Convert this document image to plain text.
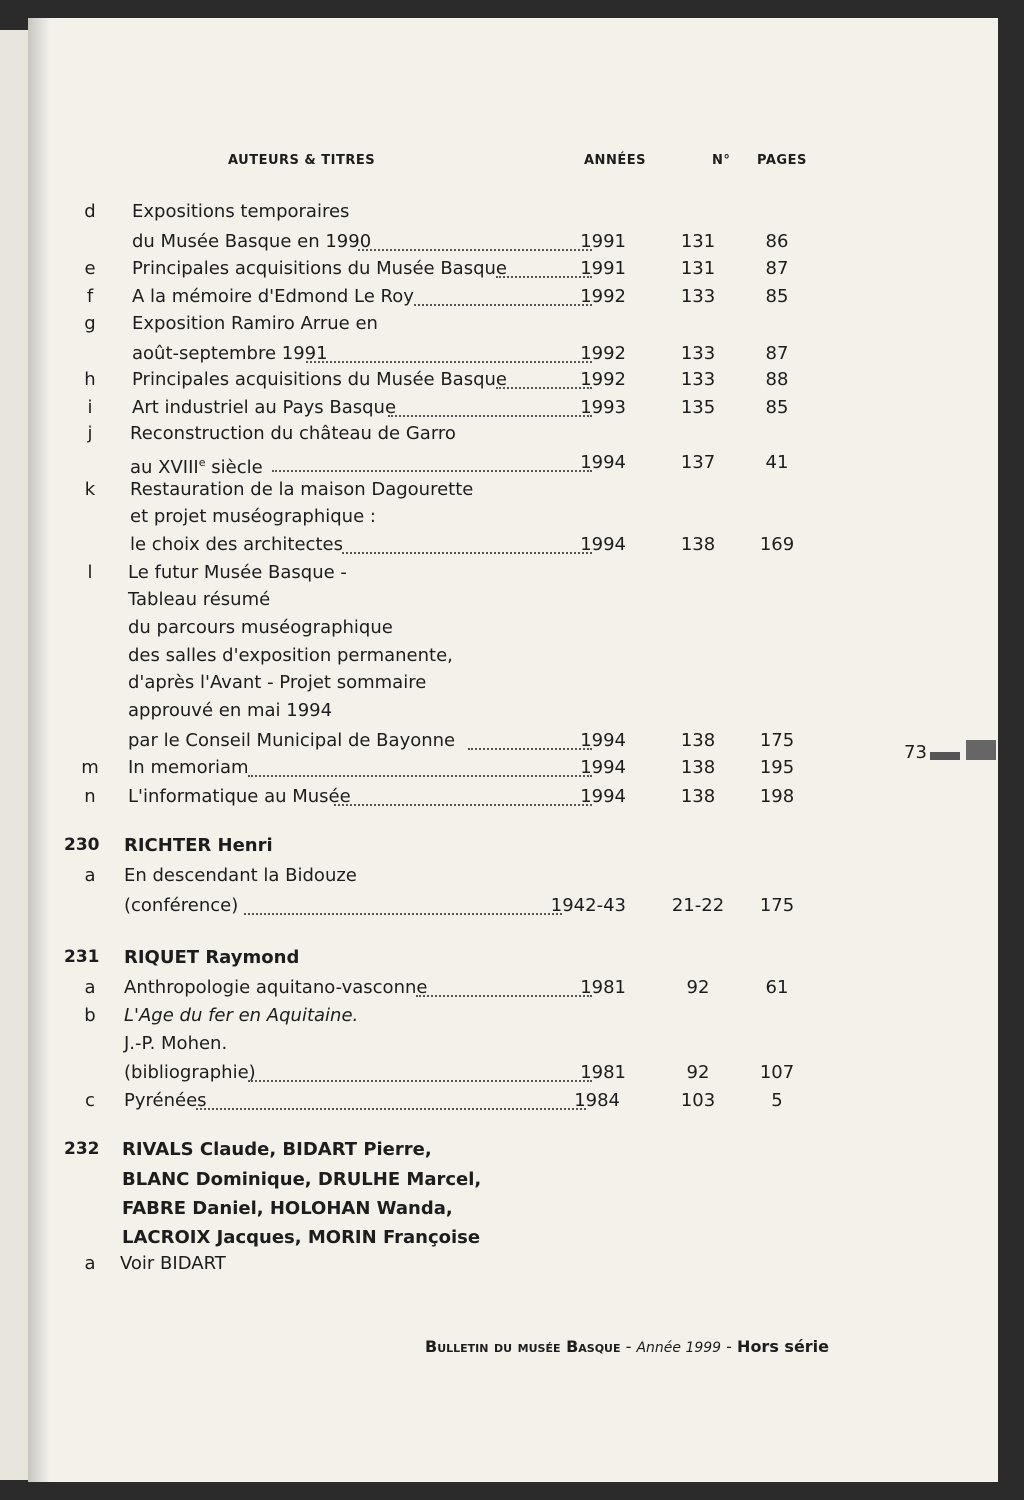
AUTEURS & TITRES	ANNÉES	N° PAGES
d	Expositions temporaires
du Musée Basque en 1990	1991	131	86
e	Principales acquisitions du Musée Basque	1991	131	87
f	A la mémoire d'Edmond Le Roy	1992	133	85
g	Exposition Ramiro Arrue en
août-septembre 1991	1992	133	87
h	Principales acquisitions du Musée Basque	1992	133	88
i	Art industriel au Pays Basque	1993	135	85
j	Reconstruction du château de Garro
au XVIIIe siècle	1994	137	41
k	Restauration de la maison Dagourette
et projet muséographique :
le choix des architectes	1994	138	169
l	Le futur Musée Basque -
Tableau résumé
du parcours muséographique
des salles d'exposition permanente,
d'après l'Avant - Projet sommaire
approuvé en mai 1994
par le Conseil Municipal de Bayonne	1994	138	175
m In memoriam	1994	138	195
n	L'informatique au Musée	1994	138	198
230 RICHTER Henri
a	En descendant la Bidouze
(conférence)	1942-43	21-22	175
231 RIQUET Raymond
a	Anthropologie aquitano-vasconne	1981	92	61
b	L'Age du fer en Aquitaine.
J.-P. Mohen.
(bibliographie)	1981	92	107
c	Pyrénées	1984	103	5
232 RIVALS Claude, BIDART Pierre,
BLANC Dominique, DRULHE Marcel,
FABRE Daniel, HOLOHAN Wanda,
LACROIX Jacques, MORIN Françoise
a	Voir BIDART
73
Bulletin du musée Basque - Année 1999 - Hors série
